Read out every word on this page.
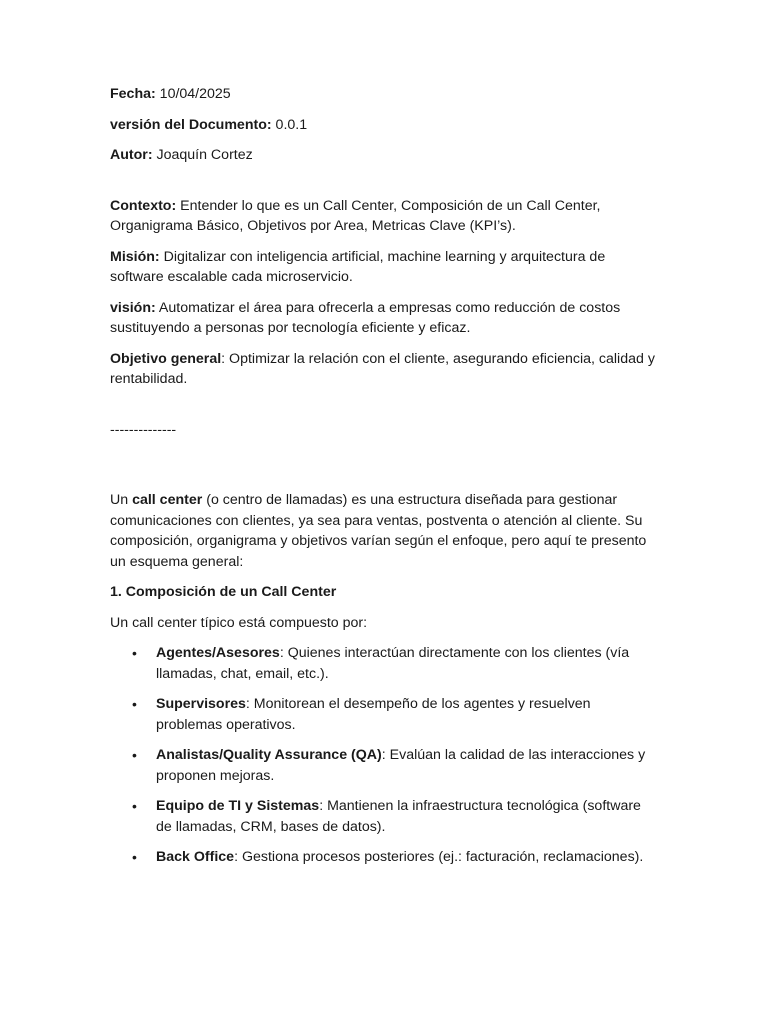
Fecha: 10/04/2025

versión del Documento: 0.0.1

Autor: Joaquín Cortez

Contexto: Entender lo que es un Call Center, Composición de un Call Center, Organigrama Básico, Objetivos por Area, Metricas Clave (KPI’s).

Misión: Digitalizar con inteligencia artificial, machine learning y arquitectura de software escalable cada microservicio.

visión: Automatizar el área para ofrecerla a empresas como reducción de costos sustituyendo a personas por tecnología eficiente y eficaz.

Objetivo general: Optimizar la relación con el cliente, asegurando eficiencia, calidad y rentabilidad.

--------------

Un call center (o centro de llamadas) es una estructura diseñada para gestionar comunicaciones con clientes, ya sea para ventas, postventa o atención al cliente. Su composición, organigrama y objetivos varían según el enfoque, pero aquí te presento un esquema general:

1. Composición de un Call Center

Un call center típico está compuesto por:

• Agentes/Asesores: Quienes interactúan directamente con los clientes (vía llamadas, chat, email, etc.).
• Supervisores: Monitorean el desempeño de los agentes y resuelven problemas operativos.
• Analistas/Quality Assurance (QA): Evalúan la calidad de las interacciones y proponen mejoras.
• Equipo de TI y Sistemas: Mantienen la infraestructura tecnológica (software de llamadas, CRM, bases de datos).
• Back Office: Gestiona procesos posteriores (ej.: facturación, reclamaciones).
